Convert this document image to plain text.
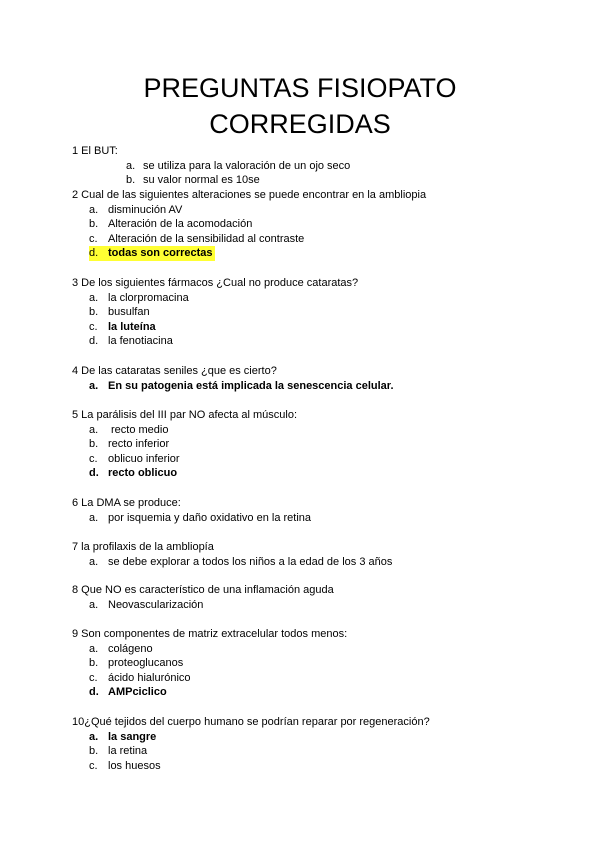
PREGUNTAS FISIOPATO
CORREGIDAS
1 El BUT:
a. se utiliza para la valoración de un ojo seco
b. su valor normal es 10se
2 Cual de las siguientes alteraciones se puede encontrar en la ambliopia
a. disminución AV
b. Alteración de la acomodación
c. Alteración de la sensibilidad al contraste
d. todas son correctas
3 De los siguientes fármacos ¿Cual no produce cataratas?
a. la clorpromacina
b. busulfan
c. la luteína
d. la fenotiacina
4 De las cataratas seniles ¿que es cierto?
a. En su patogenia está implicada la senescencia celular.
5 La parálisis del III par NO afecta al músculo:
a. recto medio
b. recto inferior
c. oblicuo inferior
d. recto oblicuo
6 La DMA se produce:
a. por isquemia y daño oxidativo en la retina
7 la profilaxis de la ambliopía
a. se debe explorar a todos los niños a la edad de los 3 años
8 Que NO es característico de una inflamación aguda
a. Neovascularización
9 Son componentes de matriz extracelular todos menos:
a. colágeno
b. proteoglucanos
c. ácido hialurónico
d. AMPciclico
10¿Qué tejidos del cuerpo humano se podrían reparar por regeneración?
a. la sangre
b. la retina
c. los huesos
